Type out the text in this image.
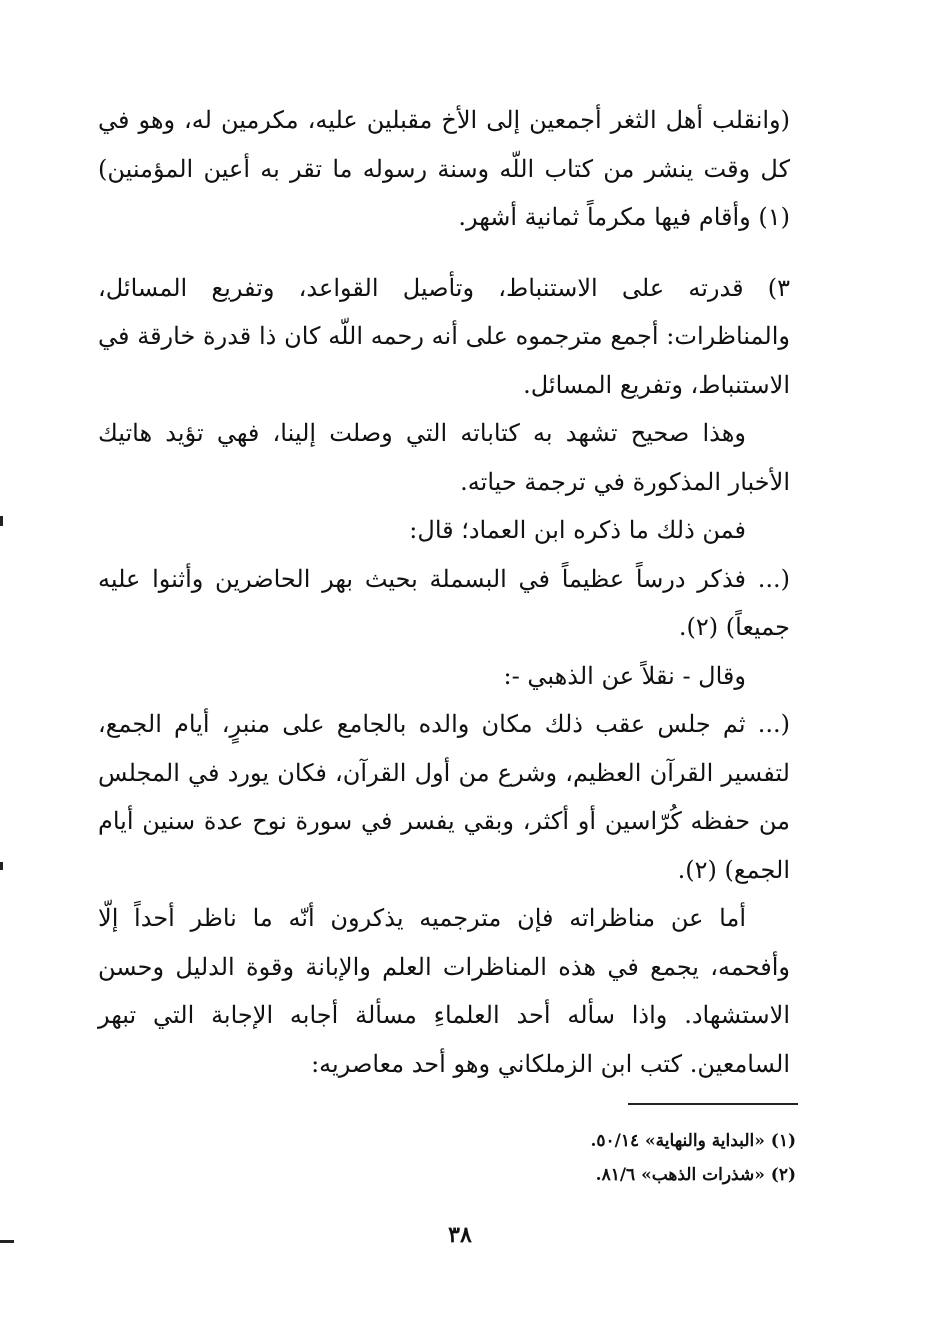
(وانقلب أهل الثغر أجمعين إلى الأخ مقبلين عليه، مكرمين له، وهو في كل وقت ينشر من كتاب اللّه وسنة رسوله ما تقر به أعين المؤمنين) (١) وأقام فيها مكرماً ثمانية أشهر.

٣) قدرته على الاستنباط، وتأصيل القواعد، وتفريع المسائل، والمناظرات: أجمع مترجموه على أنه رحمه اللّه كان ذا قدرة خارقة في الاستنباط، وتفريع المسائل.

وهذا صحيح تشهد به كتاباته التي وصلت إلينا، فهي تؤيد هاتيك الأخبار المذكورة في ترجمة حياته.

فمن ذلك ما ذكره ابن العماد؛ قال:

(... فذكر درساً عظيماً في البسملة بحيث بهر الحاضرين وأثنوا عليه جميعاً) (٢).

وقال - نقلاً عن الذهبي -:

(... ثم جلس عقب ذلك مكان والده بالجامع على منبرٍ، أيام الجمع، لتفسير القرآن العظيم، وشرع من أول القرآن، فكان يورد في المجلس من حفظه كُرّاسين أو أكثر، وبقي يفسر في سورة نوح عدة سنين أيام الجمع) (٢).

أما عن مناظراته فإن مترجميه يذكرون أنّه ما ناظر أحداً إلّا وأفحمه، يجمع في هذه المناظرات العلم والإبانة وقوة الدليل وحسن الاستشهاد. واذا سأله أحد العلماءِ مسألة أجابه الإجابة التي تبهر السامعين. كتب ابن الزملكاني وهو أحد معاصريه:

(١) «البداية والنهاية» ٥٠/١٤.

(٢) «شذرات الذهب» ٨١/٦.

٣٨
